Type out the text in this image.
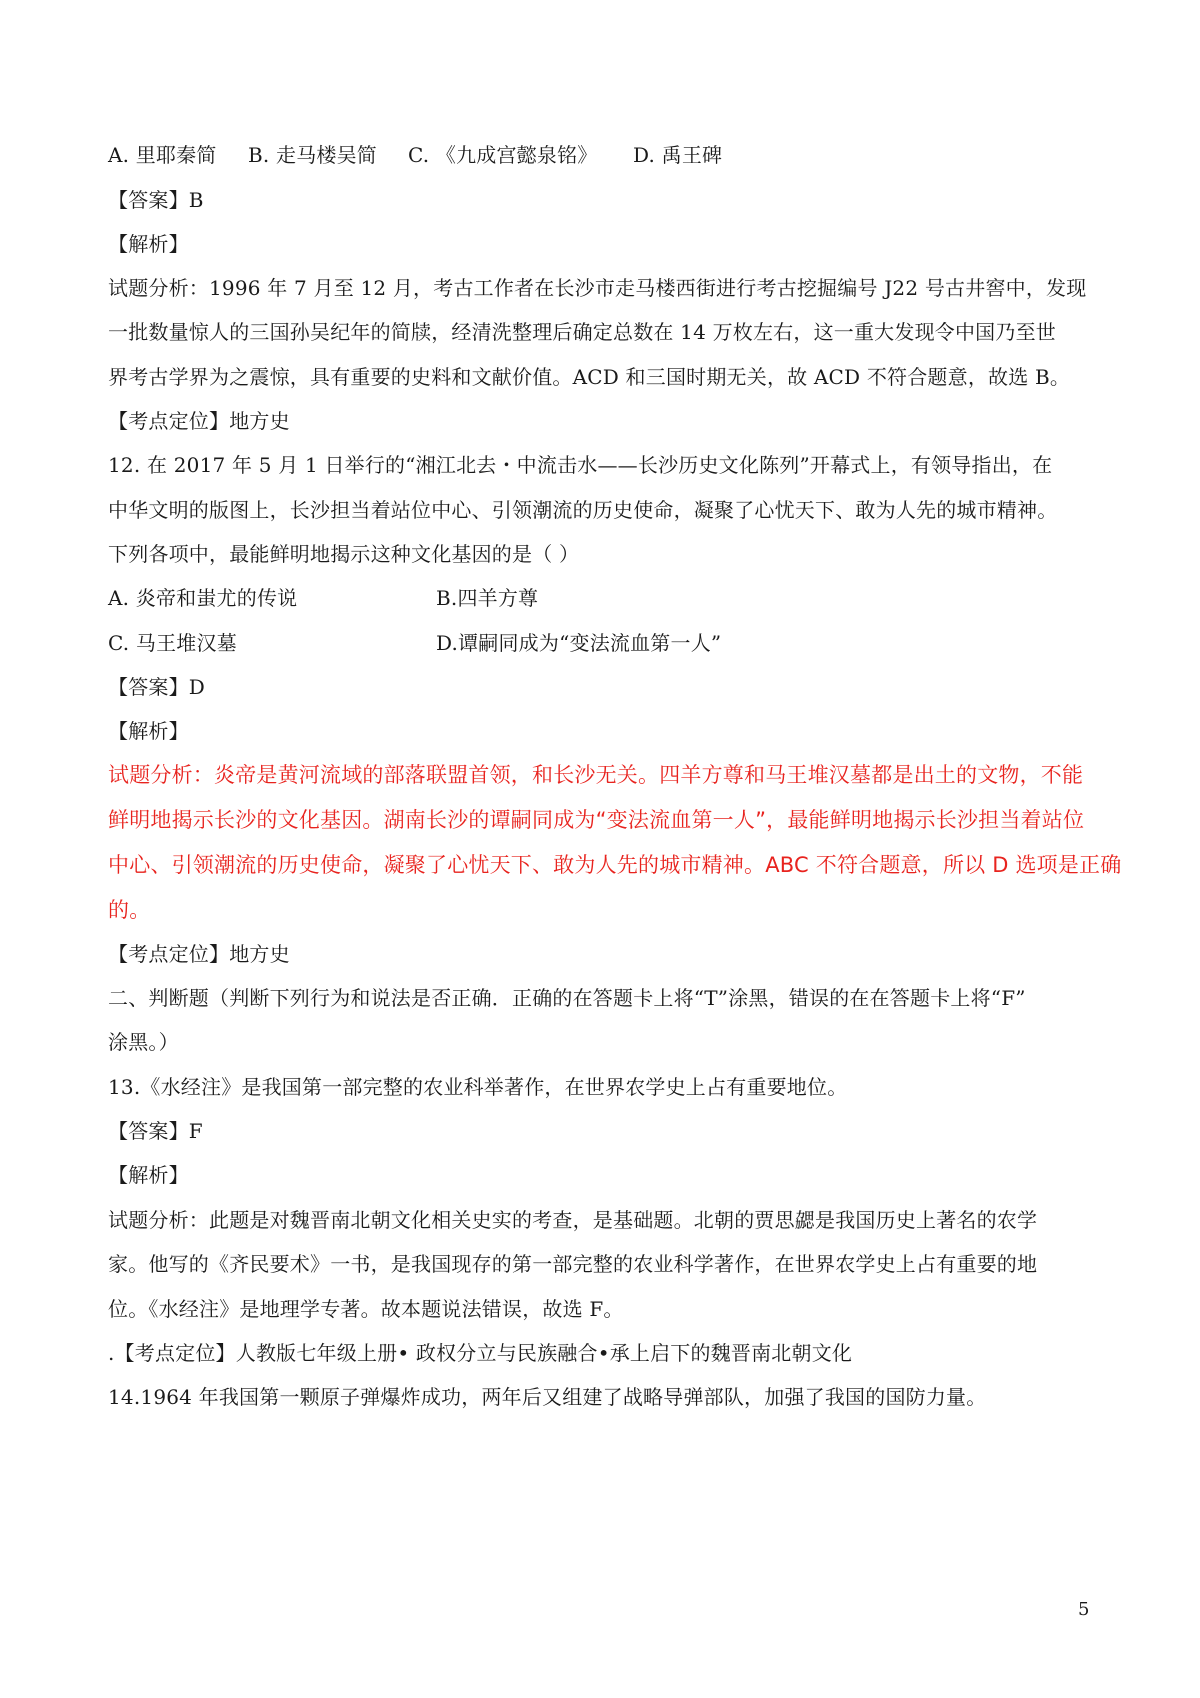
A. 里耶秦简 B. 走马楼吴简 C. 《九成宫懿泉铭》 D. 禹王碑
【答案】B
【解析】
试题分析：1996 年 7 月至 12 月，考古工作者在长沙市走马楼西街进行考古挖掘编号 J22 号古井窖中，发现
一批数量惊人的三国孙吴纪年的简牍，经清洗整理后确定总数在 14 万枚左右，这一重大发现令中国乃至世
界考古学界为之震惊，具有重要的史料和文献价值。ACD 和三国时期无关，故 ACD 不符合题意，故选 B。
【考点定位】地方史
12. 在 2017 年 5 月 1 日举行的“湘江北去・中流击水——长沙历史文化陈列”开幕式上，有领导指出，在
中华文明的版图上，长沙担当着站位中心、引领潮流的历史使命，凝聚了心忧天下、敢为人先的城市精神。
下列各项中，最能鲜明地揭示这种文化基因的是（ ）
A. 炎帝和蚩尤的传说	B.四羊方尊
C. 马王堆汉墓	D.谭嗣同成为“变法流血第一人”
【答案】D
【解析】
试题分析：炎帝是黄河流域的部落联盟首领，和长沙无关。四羊方尊和马王堆汉墓都是出土的文物，不能
鲜明地揭示长沙的文化基因。湖南长沙的谭嗣同成为“变法流血第一人”，最能鲜明地揭示长沙担当着站位
中心、引领潮流的历史使命，凝聚了心忧天下、敢为人先的城市精神。ABC 不符合题意，所以 D 选项是正确
的。
【考点定位】地方史
二、判断题（判断下列行为和说法是否正确．正确的在答题卡上将“T”涂黑，错误的在在答题卡上将“F”
涂黑。）
13.《水经注》是我国第一部完整的农业科举著作，在世界农学史上占有重要地位。
【答案】F
【解析】
试题分析：此题是对魏晋南北朝文化相关史实的考查，是基础题。北朝的贾思勰是我国历史上著名的农学
家。他写的《齐民要术》一书，是我国现存的第一部完整的农业科学著作，在世界农学史上占有重要的地
位。《水经注》是地理学专著。故本题说法错误，故选 F。
.【考点定位】人教版七年级上册• 政权分立与民族融合•承上启下的魏晋南北朝文化
14.1964 年我国第一颗原子弹爆炸成功，两年后又组建了战略导弹部队，加强了我国的国防力量。
5
